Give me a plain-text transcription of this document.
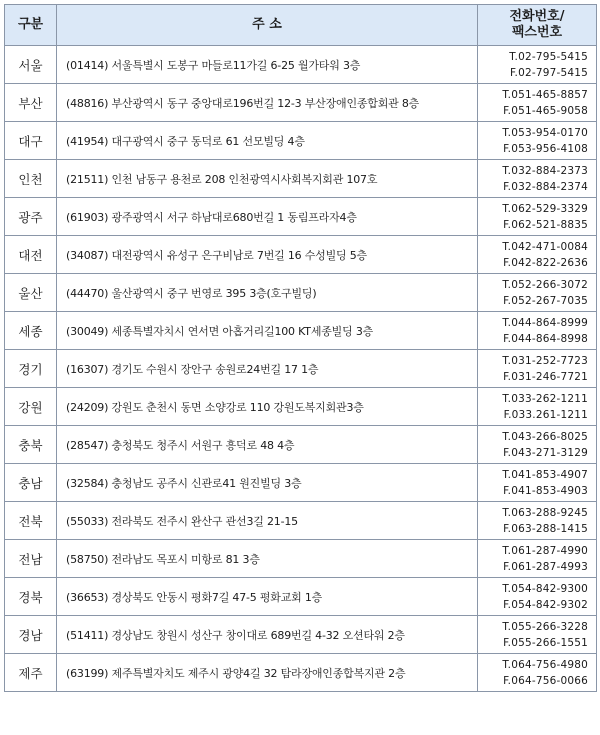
구분	주 소	전화번호/
팩스번호

서울	(01414) 서울특별시 도봉구 마들로11가길 6-25 월가타워 3층	T.02-795-5415
F.02-797-5415

부산	(48816) 부산광역시 동구 중앙대로196번길 12-3 부산장애인종합회관 8층	T.051-465-8857
F.051-465-9058

대구	(41954) 대구광역시 중구 동덕로 61 선모빌딩 4층	T.053-954-0170
F.053-956-4108

인천	(21511) 인천 남동구 용천로 208 인천광역시사회복지회관 107호	T.032-884-2373
F.032-884-2374

광주	(61903) 광주광역시 서구 하남대로680번길 1 동림프라자4층	T.062-529-3329
F.062-521-8835

대전	(34087) 대전광역시 유성구 은구비남로 7번길 16 수성빌딩 5층	T.042-471-0084
F.042-822-2636

울산	(44470) 울산광역시 중구 번영로 395 3층(호구빌딩)	T.052-266-3072
F.052-267-7035

세종	(30049) 세종특별자치시 연서면 아홉거리길100 KT세종빌딩 3층	T.044-864-8999
F.044-864-8998

경기	(16307) 경기도 수원시 장안구 송원로24번길 17 1층	T.031-252-7723
F.031-246-7721

강원	(24209) 강원도 춘천시 동면 소양강로 110 강원도복지회관3층	T.033-262-1211
F.033.261-1211

충북	(28547) 충청북도 청주시 서원구 흥덕로 48 4층	T.043-266-8025
F.043-271-3129

충남	(32584) 충청남도 공주시 신관로41 원진빌딩 3층	T.041-853-4907
F.041-853-4903

전북	(55033) 전라북도 전주시 완산구 관선3길 21-15	T.063-288-9245
F.063-288-1415

전남	(58750) 전라남도 목포시 미항로 81 3층	T.061-287-4990
F.061-287-4993

경북	(36653) 경상북도 안동시 평화7길 47-5 평화교회 1층	T.054-842-9300
F.054-842-9302

경남	(51411) 경상남도 창원시 성산구 창이대로 689번길 4-32 오션타워 2층	T.055-266-3228
F.055-266-1551

제주	(63199) 제주특별자치도 제주시 광양4길 32 탐라장애인종합복지관 2층	T.064-756-4980
F.064-756-0066
